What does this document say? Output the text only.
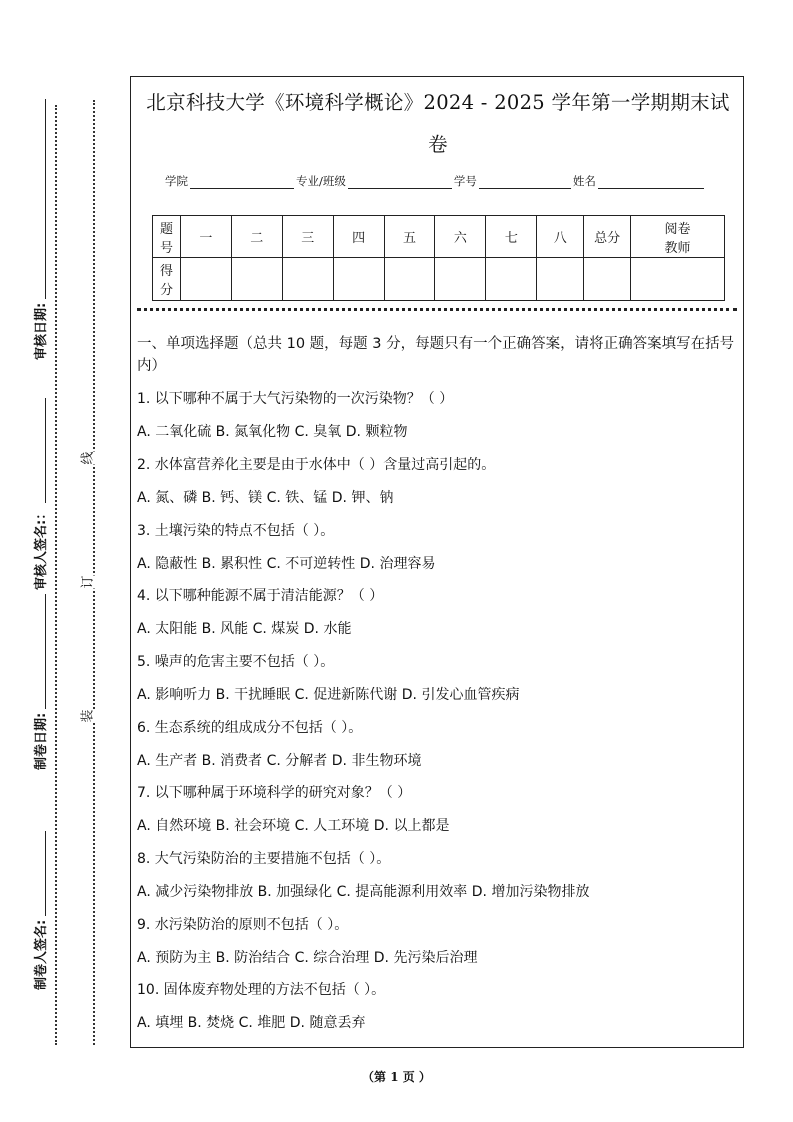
审核日期:
审核人签名:：
制卷日期:
制卷人签名:
线
订
装
北京科技大学《环境科学概论》2024 - 2025 学年第一学期期末试
卷
学院	专业/班级	学号	姓名
题
号	一	二	三	四	五	六	七	八	总分	阅卷
教师
得
分										
一、单项选择题（总共 10 题，每题 3 分，每题只有一个正确答案，请将正确答案填写在括号内）
1. 以下哪种不属于大气污染物的一次污染物？（ ）
A. 二氧化硫 B. 氮氧化物 C. 臭氧 D. 颗粒物
2. 水体富营养化主要是由于水体中（ ）含量过高引起的。
A. 氮、磷 B. 钙、镁 C. 铁、锰 D. 钾、钠
3. 土壤污染的特点不包括（ ）。
A. 隐蔽性 B. 累积性 C. 不可逆转性 D. 治理容易
4. 以下哪种能源不属于清洁能源？（ ）
A. 太阳能 B. 风能 C. 煤炭 D. 水能
5. 噪声的危害主要不包括（ ）。
A. 影响听力 B. 干扰睡眠 C. 促进新陈代谢 D. 引发心血管疾病
6. 生态系统的组成成分不包括（ ）。
A. 生产者 B. 消费者 C. 分解者 D. 非生物环境
7. 以下哪种属于环境科学的研究对象？（ ）
A. 自然环境 B. 社会环境 C. 人工环境 D. 以上都是
8. 大气污染防治的主要措施不包括（ ）。
A. 减少污染物排放 B. 加强绿化 C. 提高能源利用效率 D. 增加污染物排放
9. 水污染防治的原则不包括（ ）。
A. 预防为主 B. 防治结合 C. 综合治理 D. 先污染后治理
10. 固体废弃物处理的方法不包括（ ）。
A. 填埋 B. 焚烧 C. 堆肥 D. 随意丢弃
（第 1 页 ）
